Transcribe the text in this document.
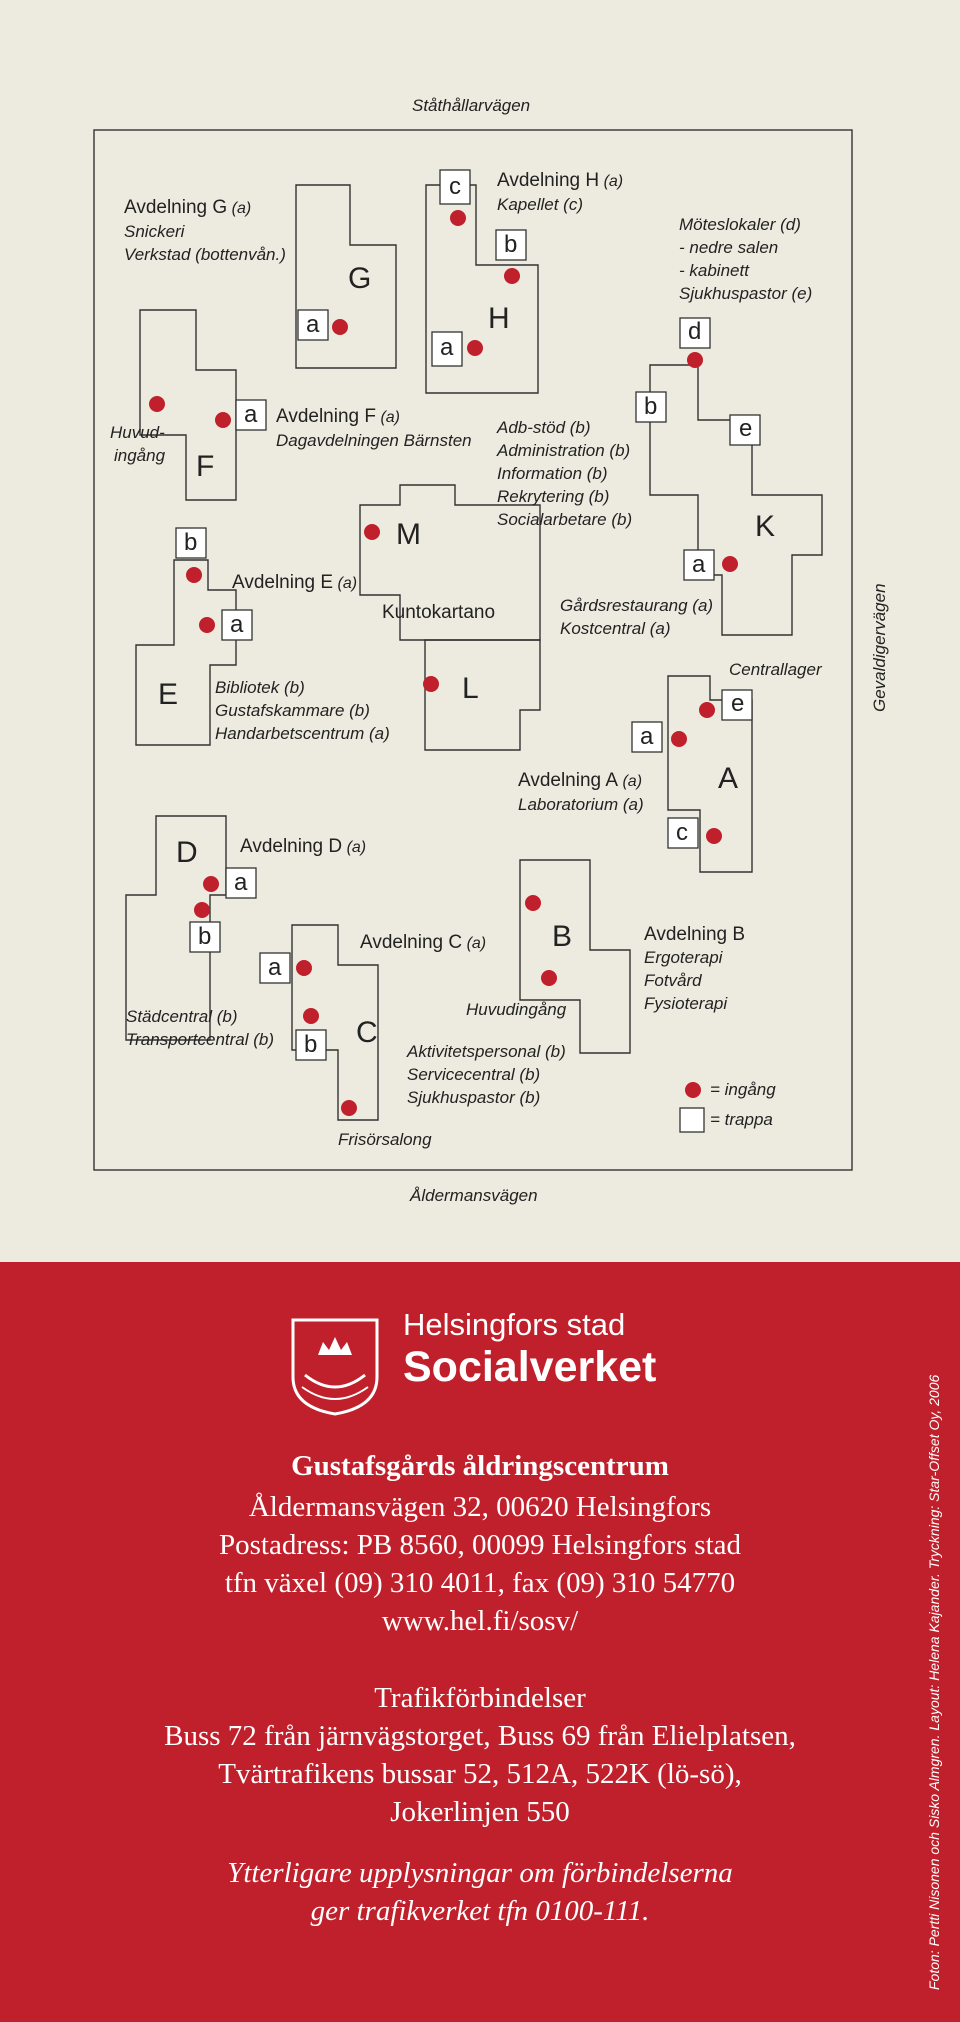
Ståthållarvägen
Åldermansvägen
Gevaldigervägen
a
c
b
a
d
b
e
a
a
b
a
a
e
c
a
b
a
b
G
H
K
F
M
E	L
A
D
C
B
Avdelning G (a)
Snickeri
Verkstad (bottenvån.)
Avdelning H (a)
Kapellet (c)
Möteslokaler (d)
- nedre salen
- kabinett
Sjukhuspastor (e)
Huvud-
ingång
Avdelning F (a)
Dagavdelningen Bärnsten
Adb-stöd (b)
Administration (b)
Information (b)
Rekrytering (b)
Socialarbetare (b)
Avdelning E (a)
Kuntokartano	Gårdsrestaurang (a)
Kostcentral (a)
Centrallager
Bibliotek (b)
Gustafskammare (b)
Handarbetscentrum (a)
Avdelning A (a)
Laboratorium (a)
Avdelning D (a)
Städcentral (b)
Transportcentral (b)
Avdelning C (a)
Frisörsalong
Avdelning B
Ergoterapi
Fotvård
Fysioterapi
Huvudingång
Aktivitetspersonal (b)
Servicecentral (b)
Sjukhuspastor (b)	= ingång
= trappa
Helsingfors stad
Socialverket
Gustafsgårds åldringscentrum
Åldermansvägen 32, 00620 Helsingfors
Postadress: PB 8560, 00099 Helsingfors stad
tfn växel (09) 310 4011, fax (09) 310 54770
www.hel.fi/sosv/
Trafikförbindelser
Buss 72 från järnvägstorget, Buss 69 från Elielplatsen,
Tvärtrafikens bussar 52, 512A, 522K (lö-sö),
Jokerlinjen 550
Ytterligare upplysningar om förbindelserna
ger trafikverket tfn 0100-111.	Foton: Pertti Nisonen och Sisko Almgren. Layout: Helena Kajander. Tryckning: Star-Offset Oy, 2006
